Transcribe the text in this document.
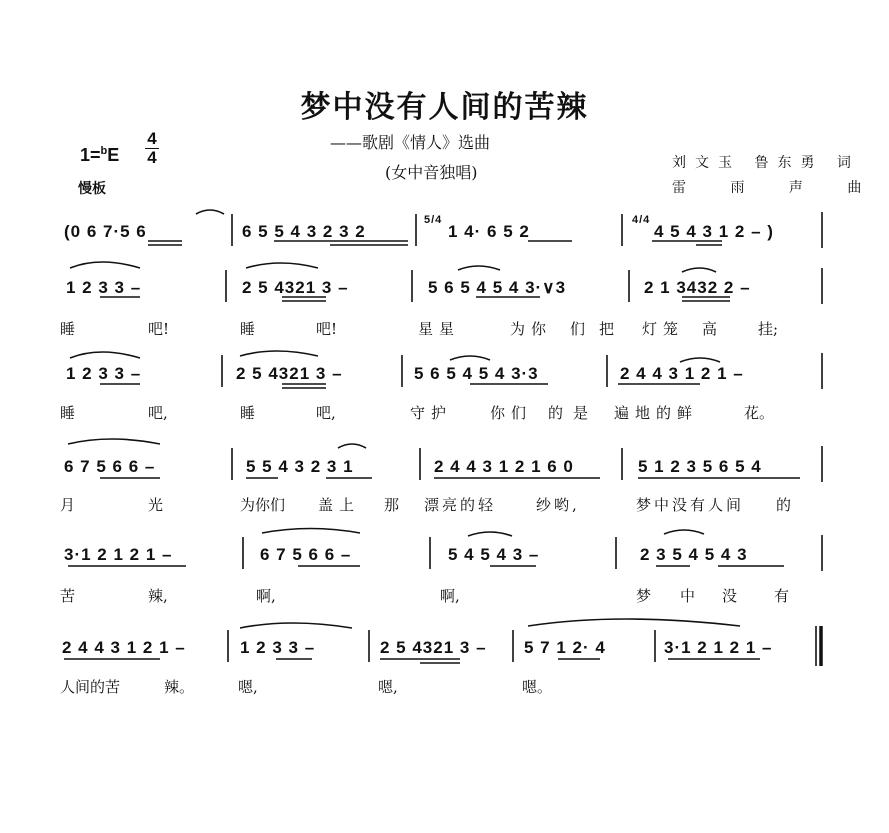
梦中没有人间的苦辣
——歌剧《情人》选曲
(女中音独唱)
1=$^b$E
4
4
慢板
刘文玉 鲁东勇 词
雷 雨 声 曲
(0 6 7·5 6	6 5 5 4 3 2 3 2
5/4
1 4· 6 5 2
4/4
4 5 4 3 1 2 – )
1 2 3 3 –	2 5 4321 3 –	5 6 5 4 5 4 3·∨3	2 1 3432 2 –
睡	吧!	睡	吧!	星星	为你 们把 灯笼 高	挂;
1 2 3 3 –	2 5 4321 3 –	5 6 5 4 5 4 3·3	2 4 4 3 1 2 1 –
睡	吧,	睡	吧,	守护	你们 的是 遍地的鲜	花。
6 7 5 6 6 –	5 5 4 3 2 3 1	2 4 4 3 1 2 1 6 0	5 1 2 3 5 6 5 4
月	光	为你们 盖上 那 漂亮的轻	纱哟,	梦中没有人间 的
3·1 2 1 2 1 –	6 7 5 6 6 –	5 4 5 4 3 –	2 3 5 4 5 4 3
苦	辣,	啊,	啊,	梦 中 没 有
2 4 4 3 1 2 1 –	1 2 3 3 –	2 5 4321 3 – 5 7 1 2· 4	3·1 2 1 2 1 –
人间的苦	辣。	嗯,	嗯,	嗯。
